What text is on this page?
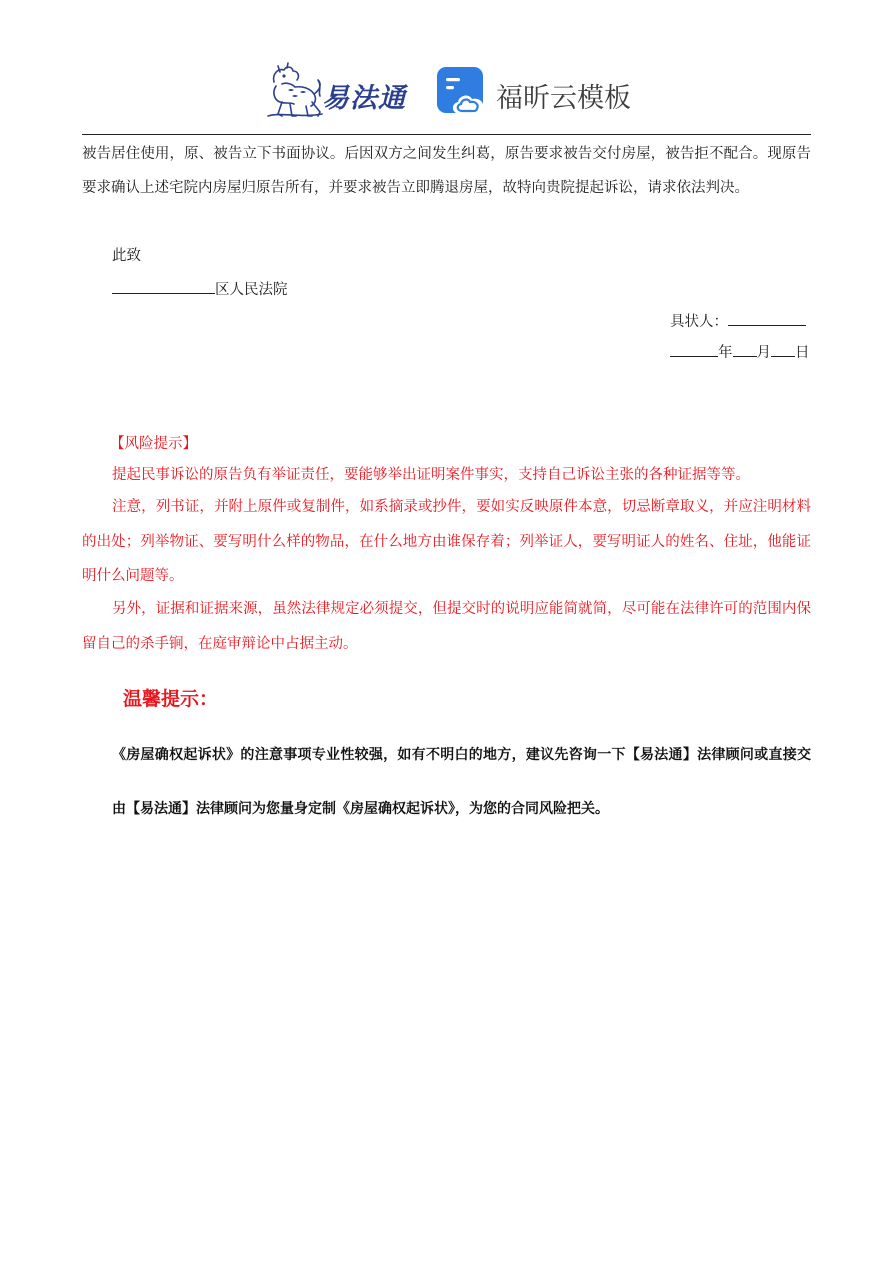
易法通	福昕云模板
被告居住使用，原、被告立下书面协议。后因双方之间发生纠葛，原告要求被告交付房屋，被告拒不配合。现原告要求确认上述宅院内房屋归原告所有，并要求被告立即腾退房屋，故特向贵院提起诉讼，请求依法判决。
此致
区人民法院
具状人：
年 月 日
【风险提示】
提起民事诉讼的原告负有举证责任，要能够举出证明案件事实，支持自己诉讼主张的各种证据等等。
注意，列书证，并附上原件或复制件，如系摘录或抄件，要如实反映原件本意，切忌断章取义，并应注明材料的出处；列举物证、要写明什么样的物品，在什么地方由谁保存着；列举证人，要写明证人的姓名、住址，他能证明什么问题等。
另外，证据和证据来源，虽然法律规定必须提交，但提交时的说明应能简就简，尽可能在法律许可的范围内保留自己的杀手锏，在庭审辩论中占据主动。
温馨提示：
《房屋确权起诉状》的注意事项专业性较强，如有不明白的地方，建议先咨询一下【易法通】法律顾问或直接交由【易法通】法律顾问为您量身定制《房屋确权起诉状》，为您的合同风险把关。
